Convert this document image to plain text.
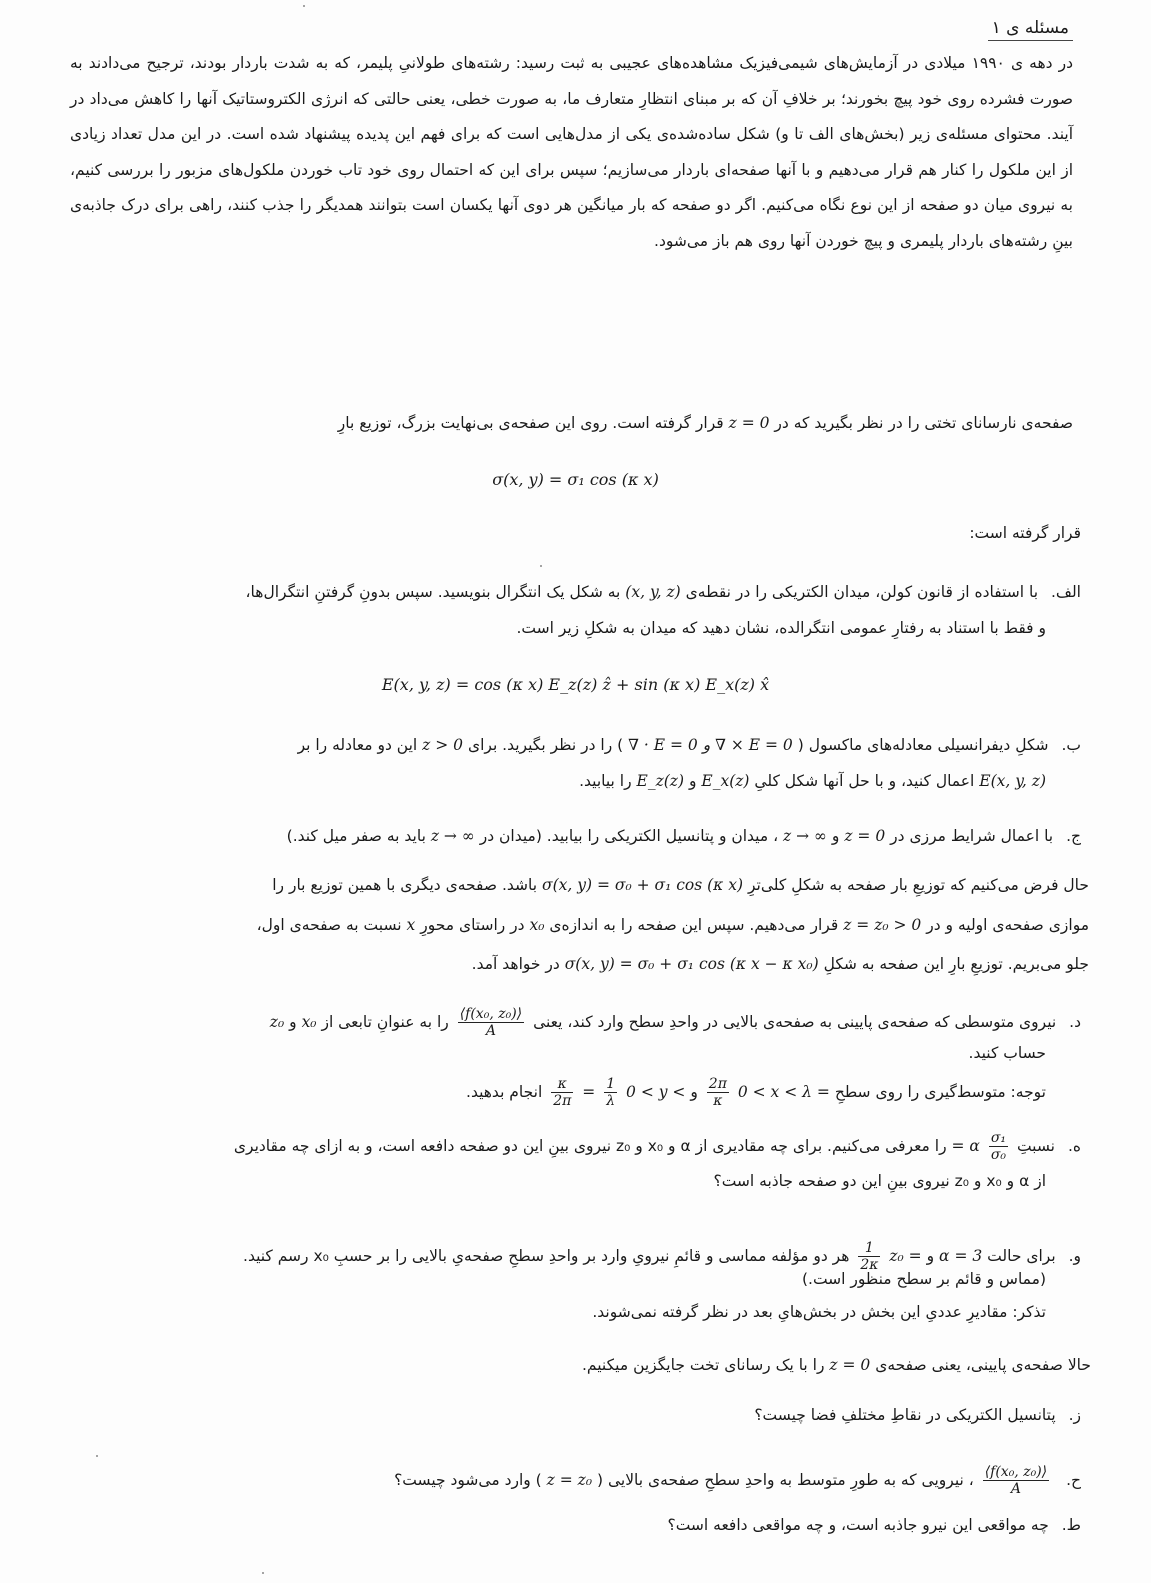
مسئله ی ۱
در دهه ی ۱۹۹۰ میلادی در آزمایش‌های شیمی‌فیزیک مشاهده‌های عجیبی به ثبت رسید: رشته‌های طولانیِ پلیمر، که به شدت باردار بودند، ترجیح می‌دادند به صورت فشرده روی خود پیچ بخورند؛ بر خلافِ آن که بر مبنای انتظارِ متعارف ما، به صورت خطی، یعنی حالتی که انرژی الکتروستاتیک آنها را کاهش می‌داد در آیند. محتوای مسئله‌ی زیر (بخش‌های الف تا و) شکل ساده‌شده‌ی یکی از مدل‌هایی است که برای فهم این پدیده پیشنهاد شده است. در این مدل تعداد زیادی از این ملکول را کنار هم قرار می‌دهیم و با آنها صفحه‌ای باردار می‌سازیم؛ سپس برای این که احتمال روی خود تاب خوردن ملکول‌های مزبور را بررسی کنیم، به نیروی میان دو صفحه از این نوع نگاه می‌کنیم. اگر دو صفحه که بار میانگین هر دوی آنها یکسان است بتوانند همدیگر را جذب کنند، راهی برای درک جاذبه‌ی بینِ رشته‌های باردار پلیمری و پیچ خوردن آنها روی هم باز می‌شود.
صفحه‌ی نارسانای تختی را در نظر بگیرید که در z = 0 قرار گرفته است. روی این صفحه‌ی بی‌نهایت بزرگ، توزیع بارِ
σ(x, y) = σ₁ cos (κ x)
قرار گرفته است:
الف. با استفاده از قانون کولن، میدان الکتریکی را در نقطه‌ی (x, y, z) به شکل یک انتگرال بنویسید. سپس بدونِ گرفتنِ انتگرال‌ها،
و فقط با استناد به رفتارِ عمومی انتگرالده، نشان دهید که میدان به شکلِ زیر است.
E(x, y, z) = cos (κ x) E_z(z) ẑ + sin (κ x) E_x(z) x̂
ب. شکلِ دیفرانسیلی معادله‌های ماکسول ( ∇ · E = 0 و ∇ × E = 0 ) را در نظر بگیرید. برای z > 0 این دو معادله را بر
E(x, y, z) اعمال کنید، و با حل آنها شکل کلیِ E_x(z) و E_z(z) را بیابید.
ج. با اعمال شرایط مرزی در z = 0 و z → ∞ ، میدان و پتانسیل الکتریکی را بیابید. (میدان در z → ∞ باید به صفر میل کند.)
حال فرض می‌کنیم که توزیعِ بار صفحه به شکلِ کلی‌ترِ σ(x, y) = σ₀ + σ₁ cos (κ x) باشد. صفحه‌ی دیگری با همین توزیع بار را
موازی صفحه‌ی اولیه و در z = z₀ > 0 قرار می‌دهیم. سپس این صفحه را به اندازه‌ی x₀ در راستای محورِ x نسبت به صفحه‌ی اول،
جلو می‌بریم. توزیعِ بارِ این صفحه به شکلِ σ(x, y) = σ₀ + σ₁ cos (κ x − κ x₀) در خواهد آمد.
د. نیروی متوسطی که صفحه‌ی پایینی به صفحه‌ی بالایی در واحدِ سطح وارد کند، یعنی
$\frac{\text{⟨f(x₀, z₀)⟩}}{A}$
را به عنوانِ تابعی از x₀ و z₀
حساب کنید.
توجه: متوسط‌گیری را روی سطحِ 0 < x < λ =
$\frac{2\pi}{\kappa}$
و 0 < y <
$\frac{1}{\lambda}$
=
$\frac{\kappa}{2\pi}$
انجام بدهید.
ه. نسبتِ
$\frac{\text{σ₁}}{\text{σ₀}}$
= α را معرفی می‌کنیم. برای چه مقادیری از α و x₀ و z₀ نیروی بینِ این دو صفحه دافعه است، و به ازای چه مقادیری
از α و x₀ و z₀ نیروی بینِ این دو صفحه جاذبه است؟
و. برای حالت α = 3 و z₀ =
$\frac{1}{2\kappa}$
هر دو مؤلفه مماسی و قائمِ نیرویِ وارد بر واحدِ سطحِ صفحه‌یِ بالایی را بر حسبِ x₀ رسم کنید.
(مماس و قائم بر سطح منظور است.)
تذکر: مقادیرِ عددیِ این بخش در بخش‌هایِ بعد در نظر گرفته نمی‌شوند.
حالا صفحه‌ی پایینی، یعنی صفحه‌ی z = 0 را با یک رسانای تخت جایگزین میکنیم.
ز. پتانسیل الکتریکی در نقاطِ مختلفِ فضا چیست؟
ح.
$\frac{\text{⟨f(x₀, z₀)⟩}}{A}$
، نیرویی که به طورِ متوسط به واحدِ سطحِ صفحه‌ی بالایی ( z = z₀ ) وارد می‌شود چیست؟
ط. چه مواقعی این نیرو جاذبه است، و چه مواقعی دافعه است؟
